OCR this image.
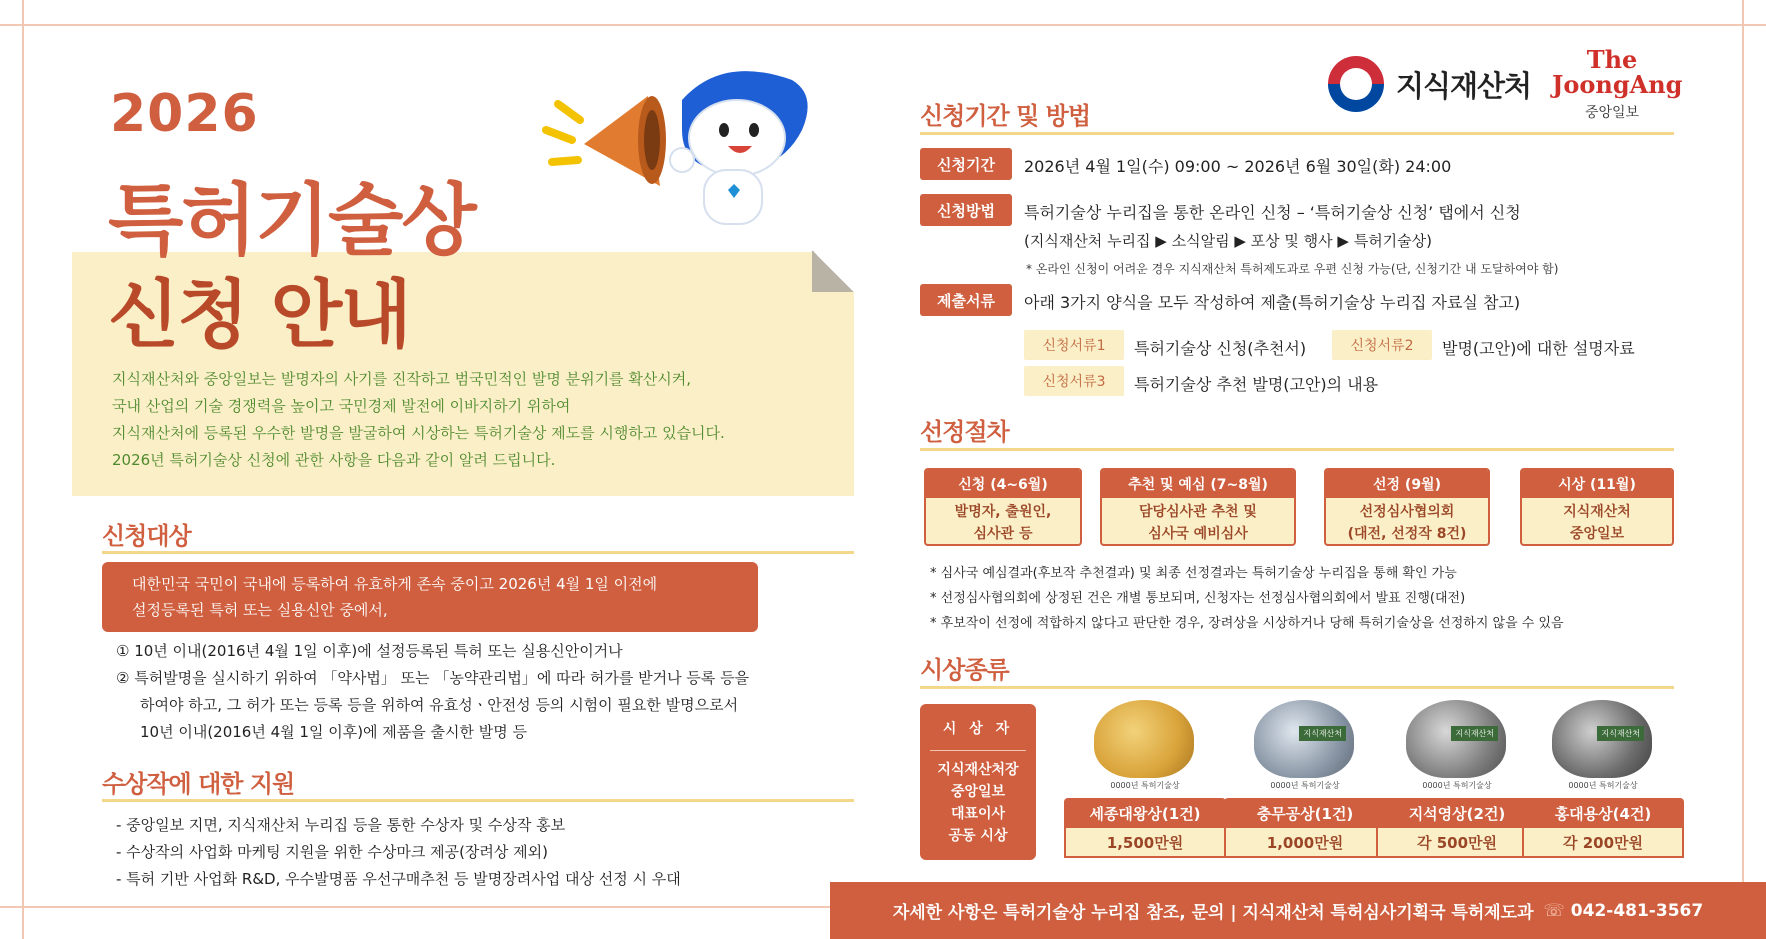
2026
특허기술상
신청 안내
지식재산처와 중앙일보는 발명자의 사기를 진작하고 범국민적인 발명 분위기를 확산시켜,
국내 산업의 기술 경쟁력을 높이고 국민경제 발전에 이바지하기 위하여
지식재산처에 등록된 우수한 발명을 발굴하여 시상하는 특허기술상 제도를 시행하고 있습니다.
2026년 특허기술상 신청에 관한 사항을 다음과 같이 알려 드립니다.
신청대상
대한민국 국민이 국내에 등록하여 유효하게 존속 중이고 2026년 4월 1일 이전에
설정등록된 특허 또는 실용신안 중에서,
① 10년 이내(2016년 4월 1일 이후)에 설정등록된 특허 또는 실용신안이거나
② 특허발명을 실시하기 위하여 「약사법」 또는 「농약관리법」에 따라 허가를 받거나 등록 등을
하여야 하고, 그 허가 또는 등록 등을 위하여 유효성ㆍ안전성 등의 시험이 필요한 발명으로서
10년 이내(2016년 4월 1일 이후)에 제품을 출시한 발명 등
수상작에 대한 지원
- 중앙일보 지면, 지식재산처 누리집 등을 통한 수상자 및 수상작 홍보
- 수상작의 사업화 마케팅 지원을 위한 수상마크 제공(장려상 제외)
- 특허 기반 사업화 R&D, 우수발명품 우선구매추천 등 발명장려사업 대상 선정 시 우대
지식재산처
The
JoongAng
중앙일보
신청기간 및 방법
신청기간	2026년 4월 1일(수) 09:00 ~ 2026년 6월 30일(화) 24:00
신청방법	특허기술상 누리집을 통한 온라인 신청 – ‘특허기술상 신청’ 탭에서 신청
(지식재산처 누리집 ▶ 소식알림 ▶ 포상 및 행사 ▶ 특허기술상)
* 온라인 신청이 어려운 경우 지식재산처 특허제도과로 우편 신청 가능(단, 신청기간 내 도달하여야 함)
제출서류	아래 3가지 양식을 모두 작성하여 제출(특허기술상 누리집 자료실 참고)
신청서류1	특허기술상 신청(추천서)	신청서류2	발명(고안)에 대한 설명자료
신청서류3	특허기술상 추천 발명(고안)의 내용
선정절차
신청 (4~6월)
발명자, 출원인,
심사관 등
추천 및 예심 (7~8월)
담당심사관 추천 및
심사국 예비심사
선정 (9월)
선정심사협의회
(대전, 선정작 8건)
시상 (11월)
지식재산처
중앙일보
* 심사국 예심결과(후보작 추천결과) 및 최종 선정결과는 특허기술상 누리집을 통해 확인 가능
* 선정심사협의회에 상정된 건은 개별 통보되며, 신청자는 선정심사협의회에서 발표 진행(대전)
* 후보작이 선정에 적합하지 않다고 판단한 경우, 장려상을 시상하거나 당해 특허기술상을 선정하지 않을 수 있음
시상종류
시 상 자
지식재산처장
중앙일보
대표이사
공동 시상
0000년 특허기술상
세종대왕상(1건)
1,500만원
지식재산처
0000년 특허기술상
충무공상(1건)
1,000만원
지식재산처
0000년 특허기술상
지석영상(2건)
각 500만원
지식재산처
0000년 특허기술상
홍대용상(4건)
각 200만원
자세한 사항은 특허기술상 누리집 참조, 문의 | 지식재산처 특허심사기획국 특허제도과 ☏ 042-481-3567
